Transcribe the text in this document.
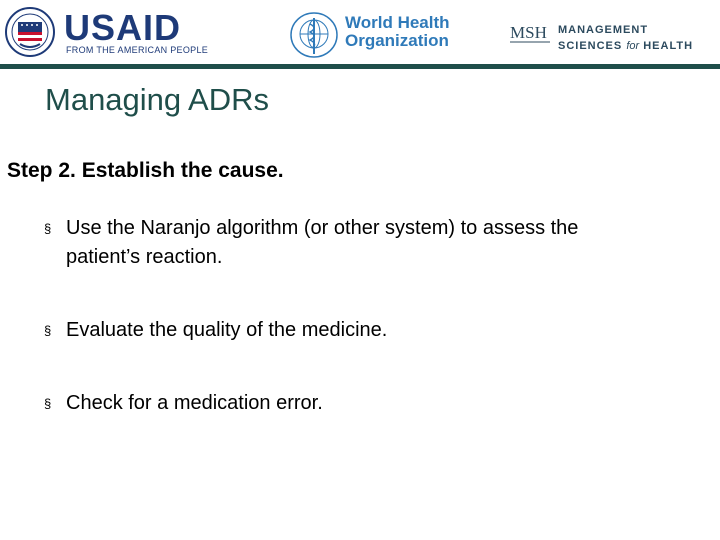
USAID
FROM THE AMERICAN PEOPLE
World Health
Organization	MSH MANAGEMENT
SCIENCES for HEALTH
Managing ADRs
Step 2. Establish the cause.
§ Use the Naranjo algorithm (or other system) to assess the patient’s reaction.
§ Evaluate the quality of the medicine.
§ Check for a medication error.
